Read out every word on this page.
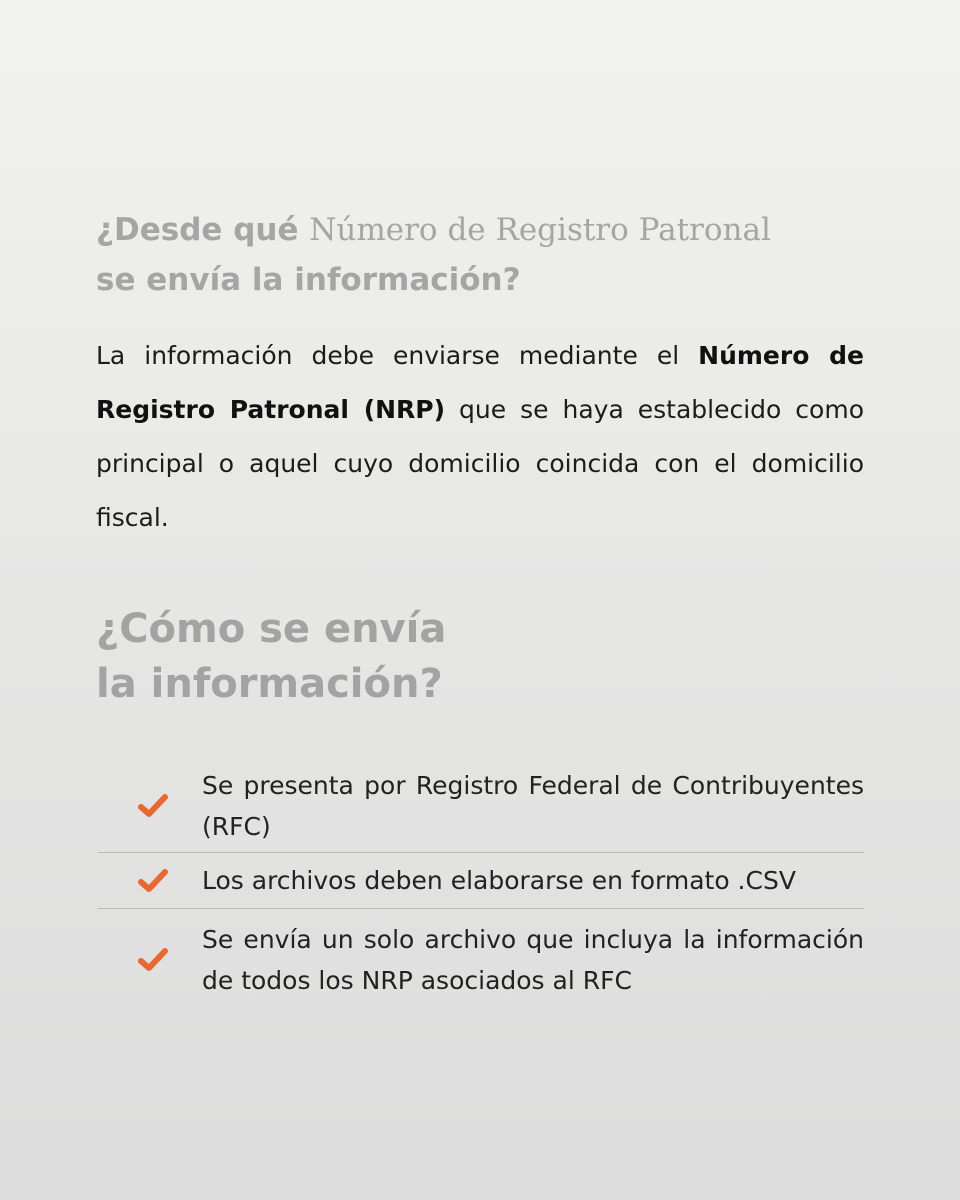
¿Desde qué Número de Registro Patronal
se envía la información?
La información debe enviarse mediante el Número de Registro Patronal (NRP) que se haya establecido como principal o aquel cuyo domicilio coincida con el domicilio fiscal.
¿Cómo se envía
la información?
Se presenta por Registro Federal de Contribuyentes (RFC)
Los archivos deben elaborarse en formato .CSV
Se envía un solo archivo que incluya la información de todos los NRP asociados al RFC
